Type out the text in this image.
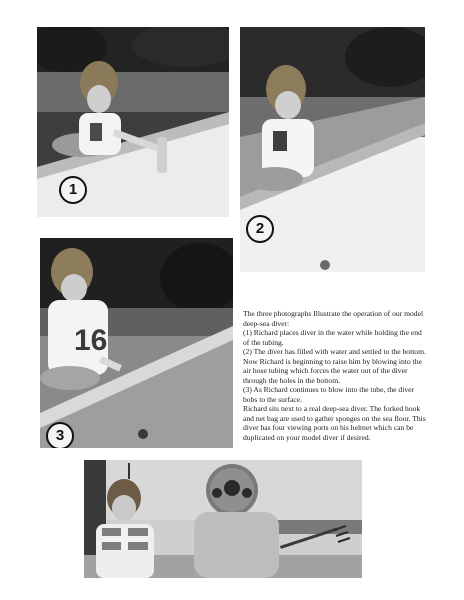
1
2
16
3

The three photographs Illustrate the operation of our model deep-sea diver:

(1) Richard places diver in the water while holding the end of the tubing.

(2) The diver has filled with water and settled to the bottom. Now Richard is beginning to raise him by blowing into the air hose tubing which forces the water out of the diver through the holes in the bottom.

(3) As Richard continues to blow into the tube, the diver bobs to the surface.

Richard sits next to a real deep-sea diver. The forked hook and net bag are used to gather sponges on the sea floor. This diver has four viewing ports on his helmet which can be duplicated on your model diver if desired.
